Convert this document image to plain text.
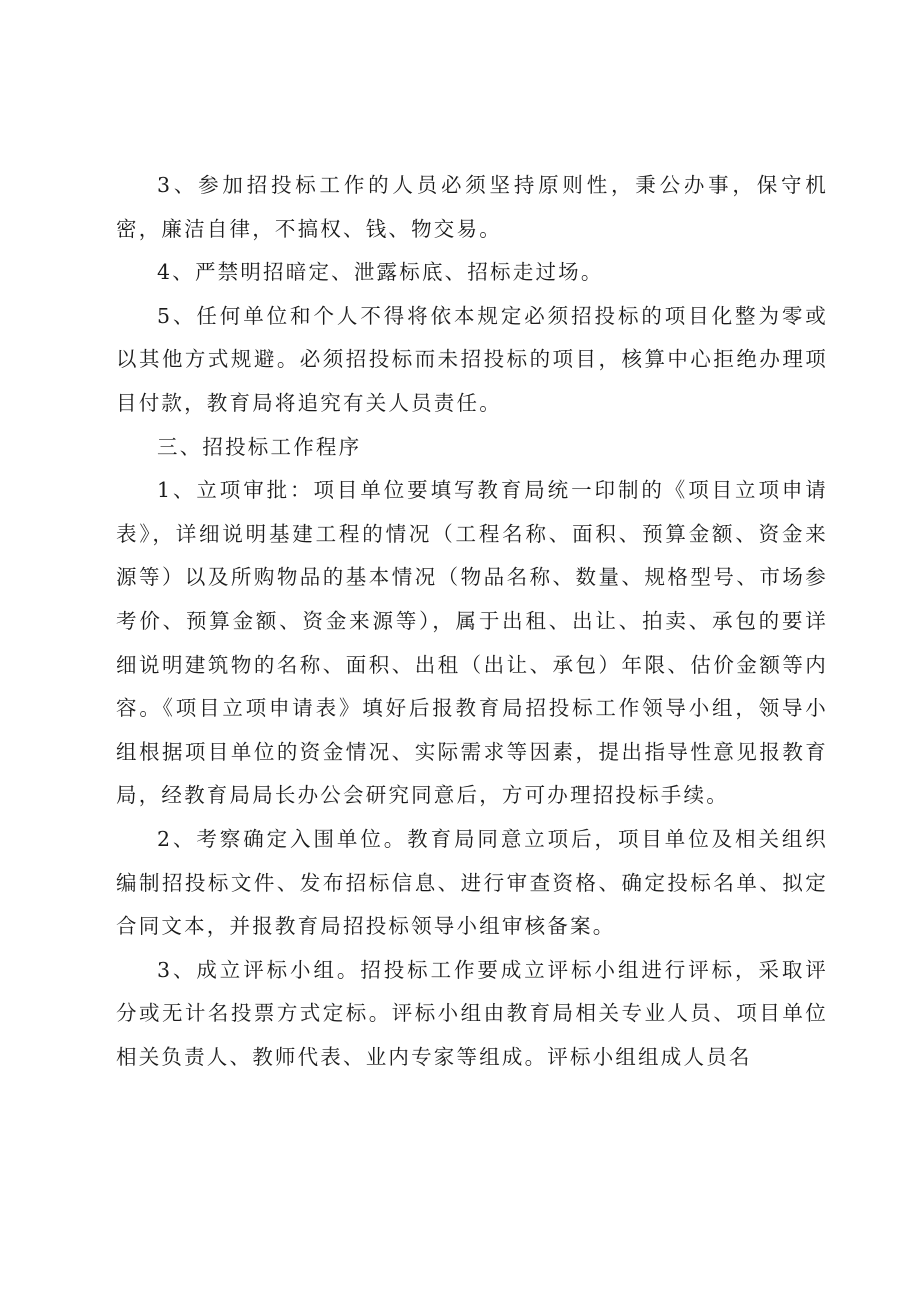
3、参加招投标工作的人员必须坚持原则性，秉公办事，保守机密，廉洁自律，不搞权、钱、物交易。

4、严禁明招暗定、泄露标底、招标走过场。

5、任何单位和个人不得将依本规定必须招投标的项目化整为零或以其他方式规避。必须招投标而未招投标的项目，核算中心拒绝办理项目付款，教育局将追究有关人员责任。

三、招投标工作程序

1、立项审批：项目单位要填写教育局统一印制的《项目立项申请表》，详细说明基建工程的情况（工程名称、面积、预算金额、资金来源等）以及所购物品的基本情况（物品名称、数量、规格型号、市场参考价、预算金额、资金来源等），属于出租、出让、拍卖、承包的要详细说明建筑物的名称、面积、出租（出让、承包）年限、估价金额等内容。《项目立项申请表》填好后报教育局招投标工作领导小组，领导小组根据项目单位的资金情况、实际需求等因素，提出指导性意见报教育局，经教育局局长办公会研究同意后，方可办理招投标手续。

2、考察确定入围单位。教育局同意立项后，项目单位及相关组织编制招投标文件、发布招标信息、进行审查资格、确定投标名单、拟定合同文本，并报教育局招投标领导小组审核备案。

3、成立评标小组。招投标工作要成立评标小组进行评标，采取评分或无计名投票方式定标。评标小组由教育局相关专业人员、项目单位相关负责人、教师代表、业内专家等组成。评标小组组成人员名
